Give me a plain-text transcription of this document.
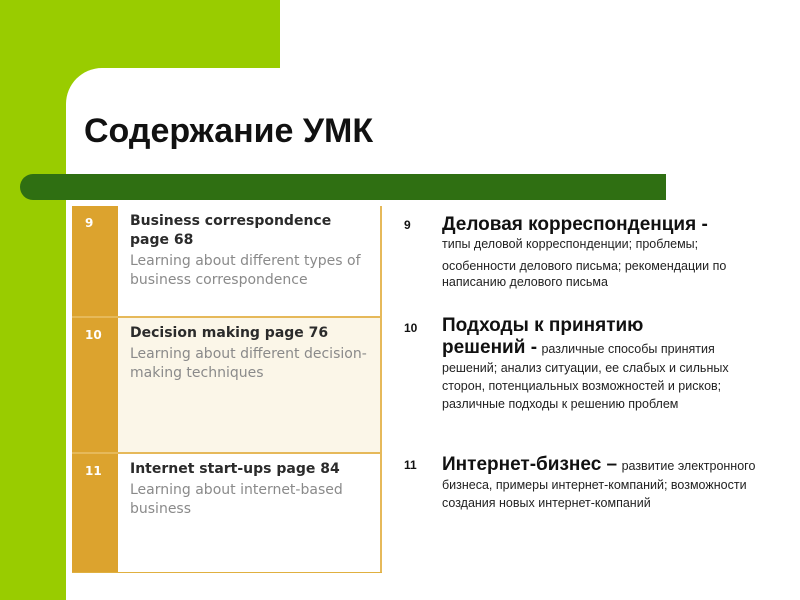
Содержание УМК
9	Business correspondence page 68
Learning about different types of business correspondence
10	Decision making page 76
Learning about different decision-making techniques
11	Internet start-ups page 84
Learning about internet-based business
9 Деловая корреспонденция -
типы деловой корреспонденции; проблемы;
особенности делового письма; рекомендации по написанию делового письма
10 Подходы к принятию
решений - различные способы принятия решений; анализ ситуации, ее слабых и сильных сторон, потенциальных возможностей и рисков; различные подходы к решению проблем
11 Интернет-бизнес – развитие электронного бизнеса, примеры интернет-компаний; возможности создания новых интернет-компаний
